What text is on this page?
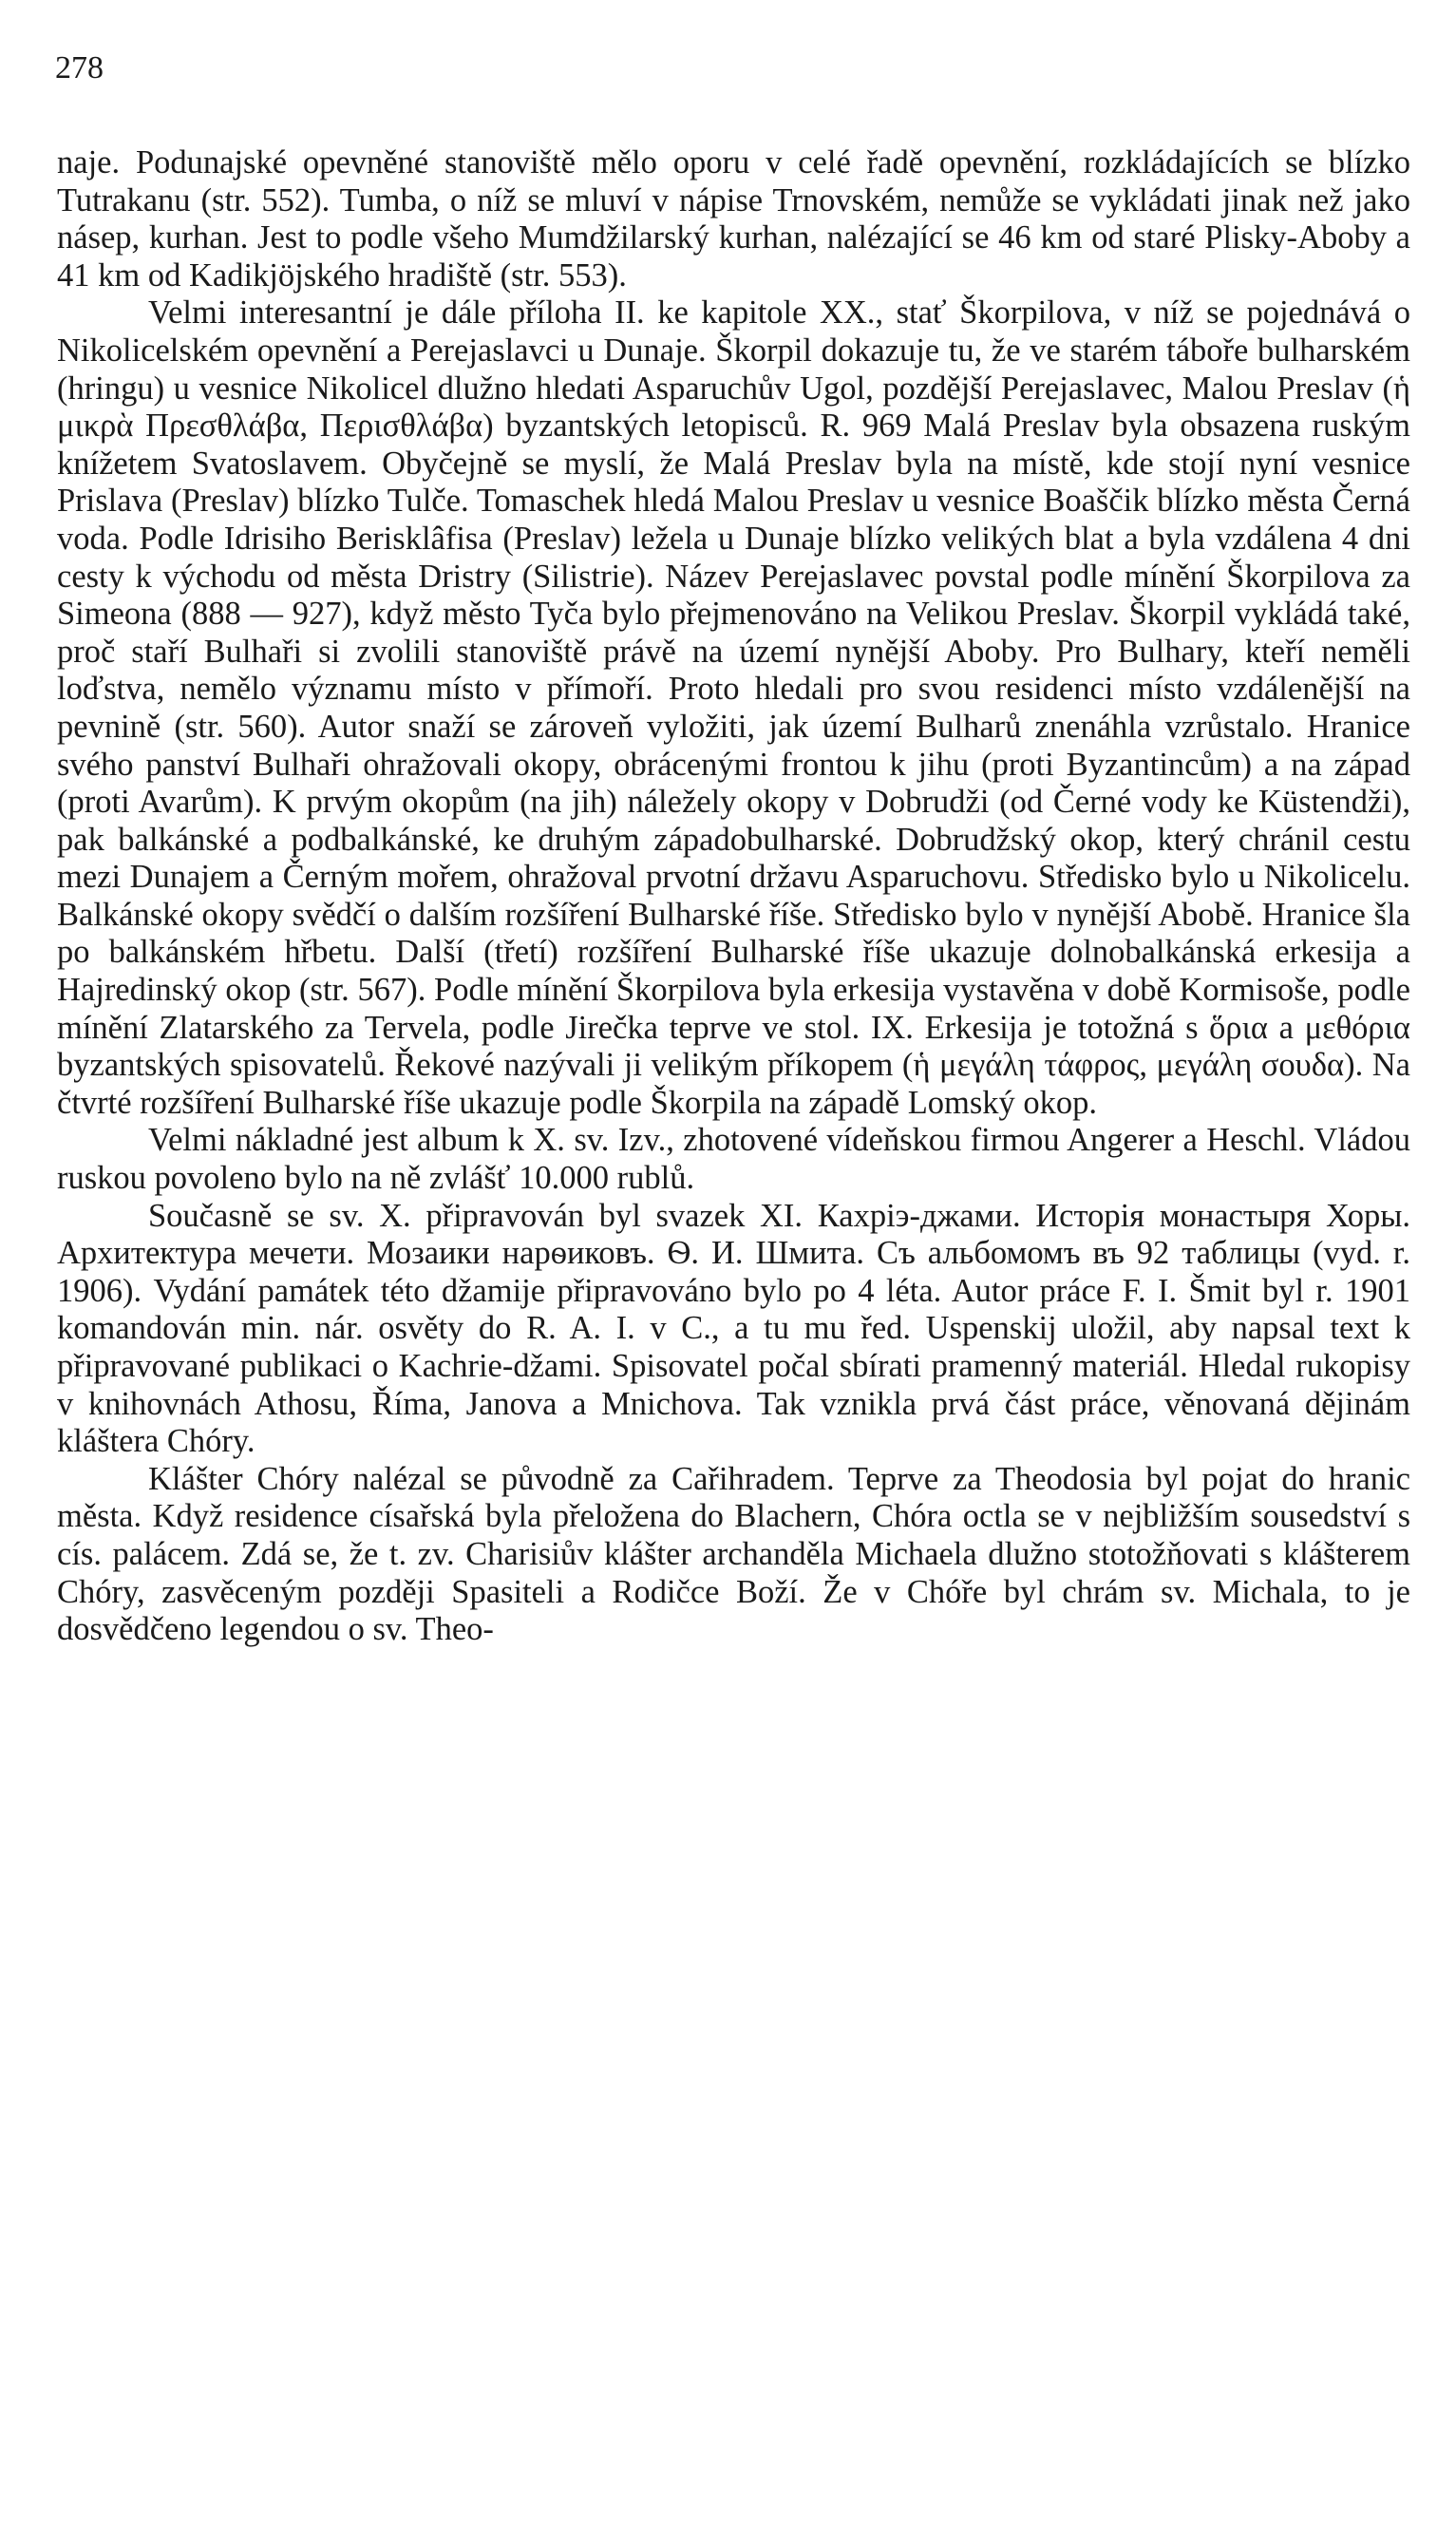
278

naje. Podunajské opevněné stanoviště mělo oporu v celé řadě opevnění, rozkládajících se blízko Tutrakanu (str. 552). Tumba, o níž se mluví v nápise Trnovském, nemůže se vykládati jinak než jako násep, kurhan. Jest to podle všeho Mumdžilarský kurhan, nalézající se 46 km od staré Plisky-Aboby a 41 km od Kadikjöjského hradiště (str. 553).

Velmi interesantní je dále příloha II. ke kapitole XX., stať Škorpilova, v níž se pojednává o Nikolicelském opevnění a Perejaslavci u Dunaje. Škorpil dokazuje tu, že ve starém táboře bulharském (hringu) u vesnice Nikolicel dlužno hledati Asparuchův Ugol, pozdější Perejaslavec, Malou Preslav (ἡ μικρὰ Πρεσθλάβα, Περισθλάβα) byzantských letopisců. R. 969 Malá Preslav byla obsazena ruským knížetem Svatoslavem. Obyčejně se myslí, že Malá Preslav byla na místě, kde stojí nyní vesnice Prislava (Preslav) blízko Tulče. Tomaschek hledá Malou Preslav u vesnice Boaščik blízko města Černá voda. Podle Idrisiho Berisklâfisa (Preslav) ležela u Dunaje blízko velikých blat a byla vzdálena 4 dni cesty k východu od města Dristry (Silistrie). Název Perejaslavec povstal podle mínění Škorpilova za Simeona (888 — 927), když město Tyča bylo přejmenováno na Velikou Preslav. Škorpil vykládá také, proč staří Bulhaři si zvolili stanoviště právě na území nynější Aboby. Pro Bulhary, kteří neměli loďstva, nemělo významu místo v přímoří. Proto hledali pro svou residenci místo vzdálenější na pevnině (str. 560). Autor snaží se zároveň vyložiti, jak území Bulharů znenáhla vzrůstalo. Hranice svého panství Bulhaři ohražovali okopy, obrácenými frontou k jihu (proti Byzantincům) a na západ (proti Avarům). K prvým okopům (na jih) náležely okopy v Dobrudži (od Černé vody ke Küstendži), pak balkánské a podbalkánské, ke druhým západobulharské. Dobrudžský okop, který chránil cestu mezi Dunajem a Černým mořem, ohražoval prvotní državu Asparuchovu. Středisko bylo u Nikolicelu. Balkánské okopy svědčí o dalším rozšíření Bulharské říše. Středisko bylo v nynější Abobě. Hranice šla po balkánském hřbetu. Další (třetí) rozšíření Bulharské říše ukazuje dolnobalkánská erkesija a Hajredinský okop (str. 567). Podle mínění Škorpilova byla erkesija vystavěna v době Kormisoše, podle mínění Zlatarského za Tervela, podle Jirečka teprve ve stol. IX. Erkesija je totožná s ὅρια a μεθόρια byzantských spisovatelů. Řekové nazývali ji velikým příkopem (ἡ μεγάλη τάφρος, μεγάλη σουδα). Na čtvrté rozšíření Bulharské říše ukazuje podle Škorpila na západě Lomský okop.

Velmi nákladné jest album k X. sv. Izv., zhotovené vídeňskou firmou Angerer a Heschl. Vládou ruskou povoleno bylo na ně zvlášť 10.000 rublů.

Současně se sv. X. připravován byl svazek XI. Кахріэ-джами. Исторія монастыря Хоры. Архитектура мечети. Мозаики нарѳиковъ. Ѳ. И. Шмита. Съ альбомомъ въ 92 таблицы (vyd. r. 1906). Vydání památek této džamije připravováno bylo po 4 léta. Autor práce F. I. Šmit byl r. 1901 komandován min. nár. osvěty do R. A. I. v C., a tu mu řed. Uspenskij uložil, aby napsal text k připravované publikaci o Kachrie-džami. Spisovatel počal sbírati pramenný materiál. Hledal rukopisy v knihovnách Athosu, Říma, Janova a Mnichova. Tak vznikla prvá část práce, věnovaná dějinám kláštera Chóry.

Klášter Chóry nalézal se původně za Cařihradem. Teprve za Theodosia byl pojat do hranic města. Když residence císařská byla přeložena do Blachern, Chóra octla se v nejbližším sousedství s cís. palácem. Zdá se, že t. zv. Charisiův klášter archanděla Michaela dlužno stotožňovati s klášterem Chóry, zasvěceným později Spasiteli a Rodičce Boží. Že v Chóře byl chrám sv. Michala, to je dosvědčeno legendou o sv. Theo-
